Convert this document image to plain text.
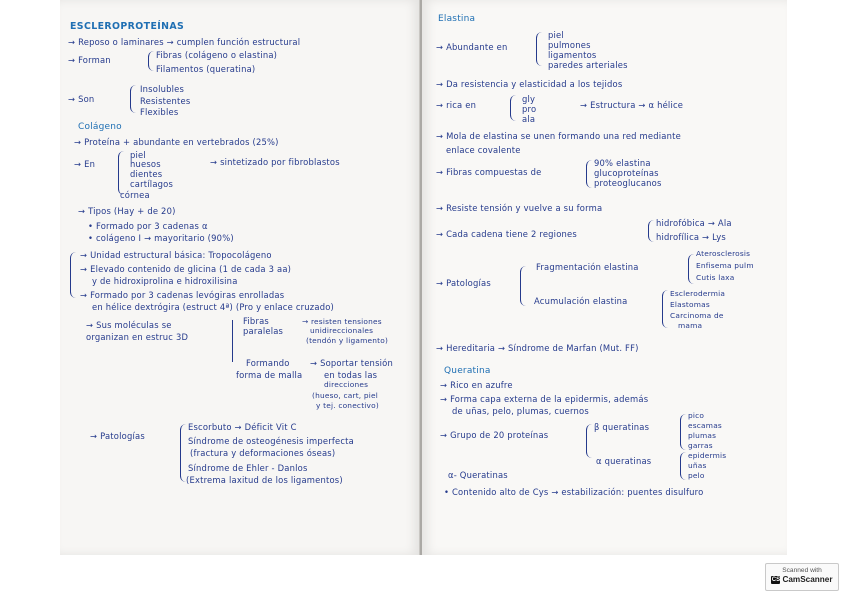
ESCLEROPROTEÍNAS

→ Reposo o laminares → cumplen función estructural

→ Forman	Fibras (colágeno o elastina)

Filamentos (queratina)

Insolubles

→ Son	Resistentes

Flexibles

Colágeno

→ Proteína + abundante en vertebrados (25%)

piel

→ En	huesos

dientes

cartílagos

córnea

→ sintetizado por fibroblastos

→ Tipos (Hay + de 20)

• Formado por 3 cadenas α

• colágeno I → mayoritario (90%)

→ Unidad estructural básica: Tropocolágeno

→ Elevado contenido de glicina (1 de cada 3 aa)

y de hidroxiprolina e hidroxilisina

→ Formado por 3 cadenas levógiras enrolladas

en hélice dextrógira (estruct 4ª) (Pro y enlace cruzado)

→ Sus moléculas se

organizan en estruc 3D

Fibras

paralelas

→ resisten tensiones

unidireccionales

(tendón y ligamento)

Formando

forma de malla

→ Soportar tensión

en todas las

direcciones

(hueso, cart, piel

y tej. conectivo)

→ Patologías

Escorbuto → Déficit Vit C

Síndrome de osteogénesis imperfecta

(fractura y deformaciones óseas)

Síndrome de Ehler - Danlos

(Extrema laxitud de los ligamentos)

Elastina

→ Abundante en

piel

pulmones

ligamentos

paredes arteriales

→ Da resistencia y elasticidad a los tejidos

→ rica en

gly

pro

ala

→ Estructura → α hélice

→ Mola de elastina se unen formando una red mediante

enlace covalente

→ Fibras compuestas de

90% elastina

glucoproteínas

proteoglucanos

→ Resiste tensión y vuelve a su forma

→ Cada cadena tiene 2 regiones

hidrofóbica → Ala

hidrofílica → Lys

→ Patologías

Fragmentación elastina

Aterosclerosis

Enfisema pulm

Cutis laxa

Acumulación elastina

Esclerodermia

Elastomas

Carcinoma de

mama

→ Hereditaria → Síndrome de Marfan (Mut. FF)

Queratina

→ Rico en azufre

→ Forma capa externa de la epidermis, además

de uñas, pelo, plumas, cuernos

→ Grupo de 20 proteínas

β queratinas

pico

escamas

plumas

garras

α queratinas

epidermis

uñas

pelo

α- Queratinas

• Contenido alto de Cys → estabilización: puentes disulfuro

Scanned with
CS CamScanner
